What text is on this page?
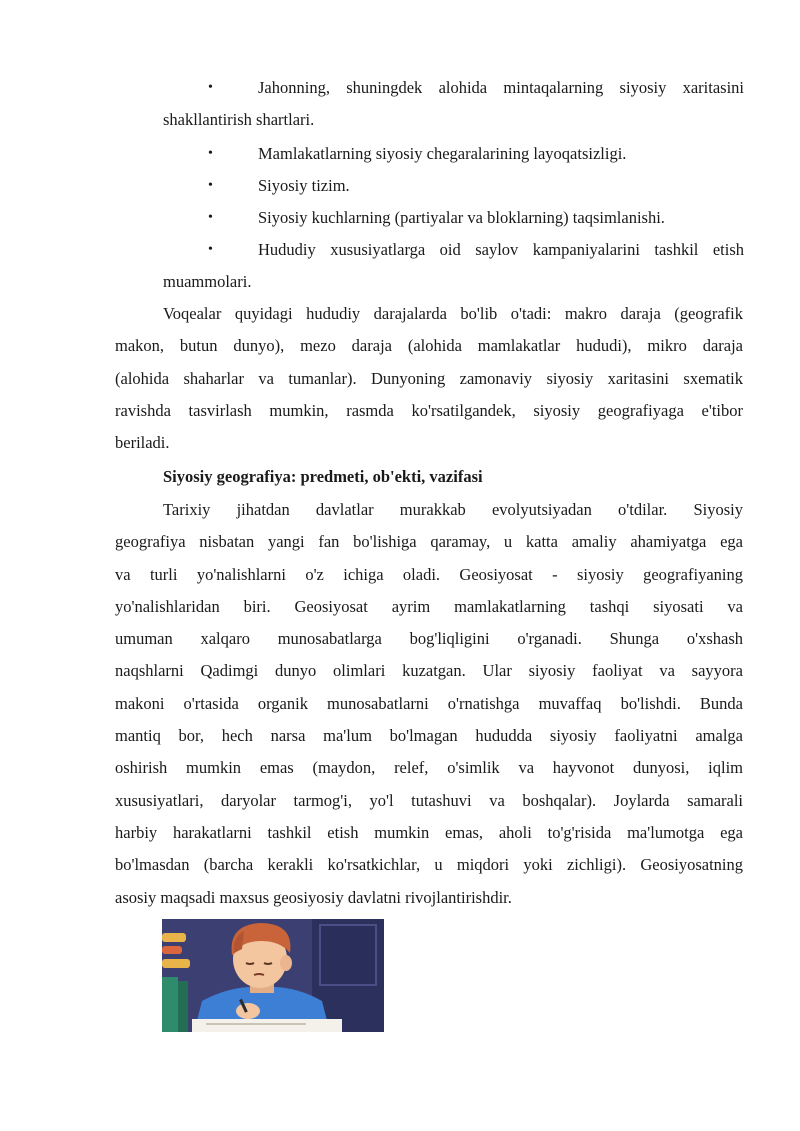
•	Jahonning, shuningdek alohida mintaqalarning siyosiy xaritasini
shakllantirish shartlari.
•	Mamlakatlarning siyosiy chegaralarining layoqatsizligi.
•	Siyosiy tizim.
•	Siyosiy kuchlarning (partiyalar va bloklarning) taqsimlanishi.
•	Hududiy xususiyatlarga oid saylov kampaniyalarini tashkil etish
muammolari.
Voqealar quyidagi hududiy darajalarda bo'lib o'tadi: makro daraja (geografik
makon, butun dunyo), mezo daraja (alohida mamlakatlar hududi), mikro daraja
(alohida shaharlar va tumanlar). Dunyoning zamonaviy siyosiy xaritasini sxematik
ravishda tasvirlash mumkin, rasmda ko'rsatilgandek, siyosiy geografiyaga e'tibor
beriladi.
Siyosiy geografiya: predmeti, ob'ekti, vazifasi
Tarixiy jihatdan davlatlar murakkab evolyutsiyadan o'tdilar. Siyosiy
geografiya nisbatan yangi fan bo'lishiga qaramay, u katta amaliy ahamiyatga ega
va turli yo'nalishlarni o'z ichiga oladi. Geosiyosat - siyosiy geografiyaning
yo'nalishlaridan biri. Geosiyosat ayrim mamlakatlarning tashqi siyosati va
umuman xalqaro munosabatlarga bog'liqligini o'rganadi. Shunga o'xshash
naqshlarni Qadimgi dunyo olimlari kuzatgan. Ular siyosiy faoliyat va sayyora
makoni o'rtasida organik munosabatlarni o'rnatishga muvaffaq bo'lishdi. Bunda
mantiq bor, hech narsa ma'lum bo'lmagan hududda siyosiy faoliyatni amalga
oshirish mumkin emas (maydon, relef, o'simlik va hayvonot dunyosi, iqlim
xususiyatlari, daryolar tarmog'i, yo'l tutashuvi va boshqalar). Joylarda samarali
harbiy harakatlarni tashkil etish mumkin emas, aholi to'g'risida ma'lumotga ega
bo'lmasdan (barcha kerakli ko'rsatkichlar, u miqdori yoki zichligi). Geosiyosatning
asosiy maqsadi maxsus geosiyosiy davlatni rivojlantirishdir.
